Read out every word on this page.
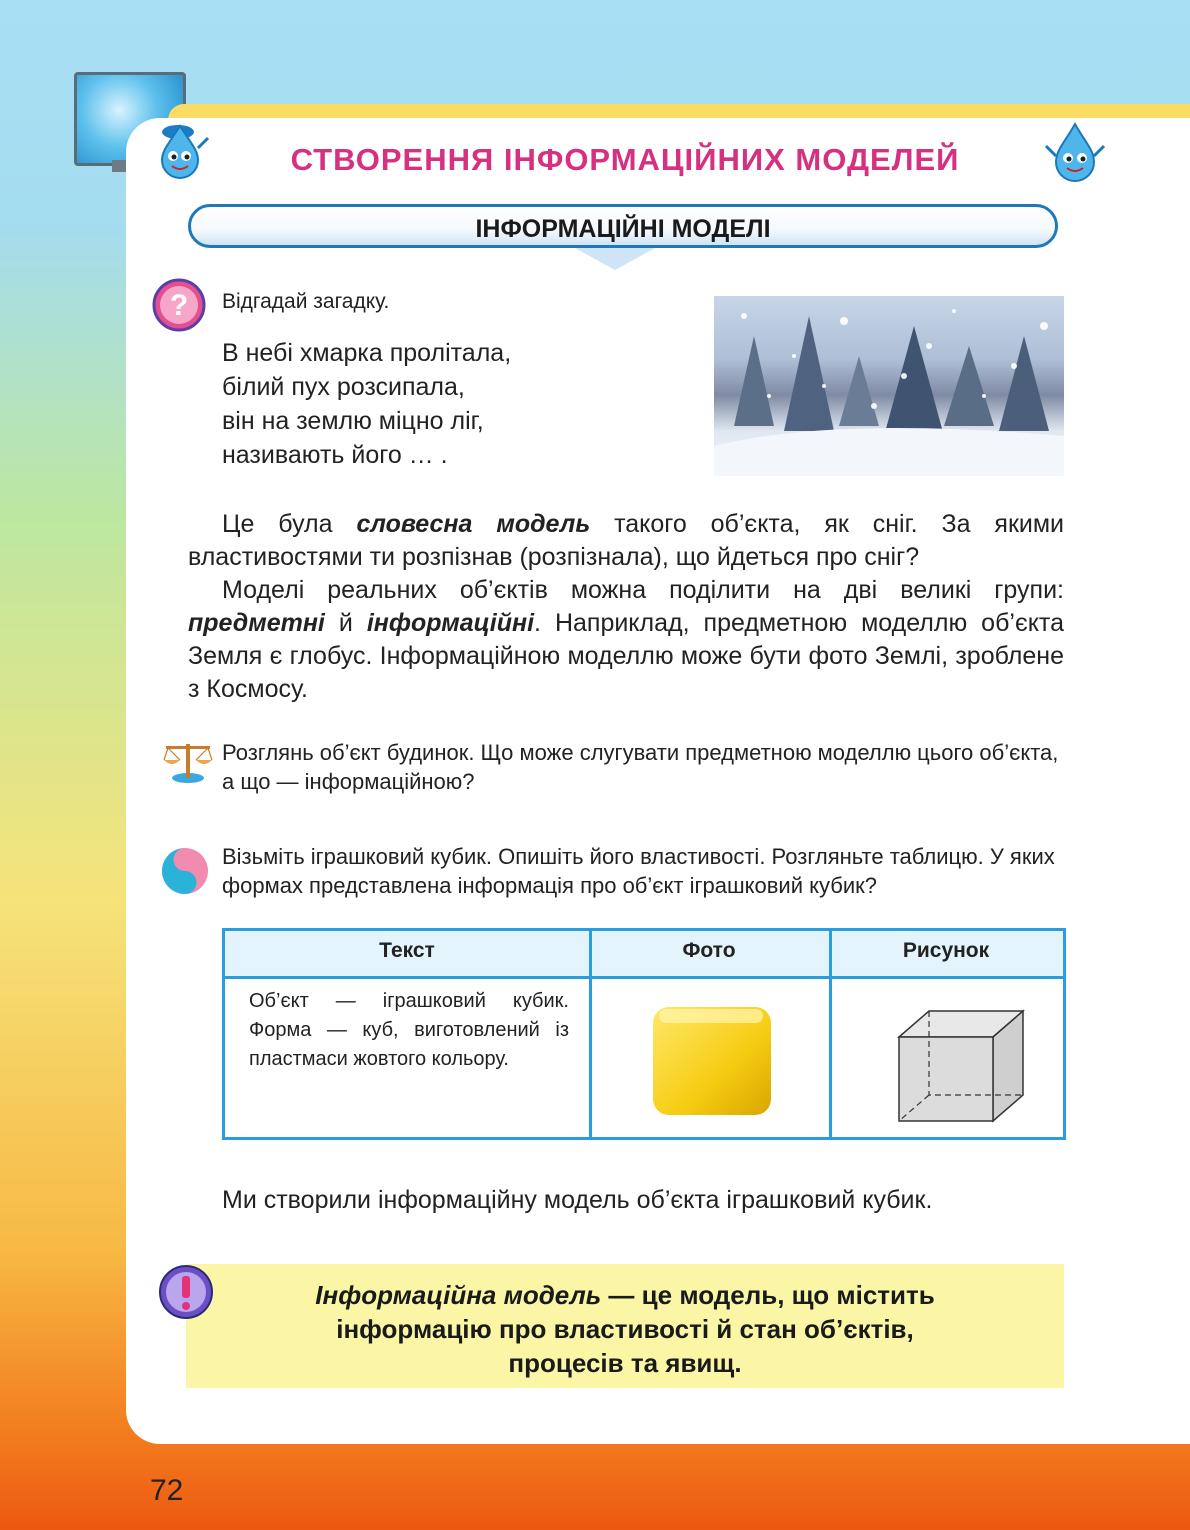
СТВОРЕННЯ ІНФОРМАЦІЙНИХ МОДЕЛЕЙ
ІНФОРМАЦІЙНІ МОДЕЛІ
? Відгадай загадку.
В небі хмарка пролітала,
білий пух розсипала,
він на землю міцно ліг,
називають його … .

Це була словесна модель такого об’єкта, як сніг. За якими властивостями ти розпізнав (розпізнала), що йдеться про сніг?

Моделі реальних об’єктів можна поділити на дві великі групи: предметні й інформаційні. Наприклад, предметною моделлю об’єкта Земля є глобус. Інформаційною моделлю може бути фото Землі, зроблене з Космосу.

Розглянь об’єкт будинок. Що може слугувати предметною моделлю цього об’єкта, а що — інформаційною?

Візьміть іграшковий кубик. Опишіть його властивості. Розгляньте таблицю. У яких формах представлена інформація про об’єкт іграшковий кубик?

Текст	Фото	Рисунок

Об’єкт — іграшковий кубик. Форма — куб, виготовлений із пластмаси жовтого кольору.

Ми створили інформаційну модель об’єкта іграшковий кубик.

Інформаційна модель — це модель, що містить
інформацію про властивості й стан об’єктів,
процесів та явищ.

72
